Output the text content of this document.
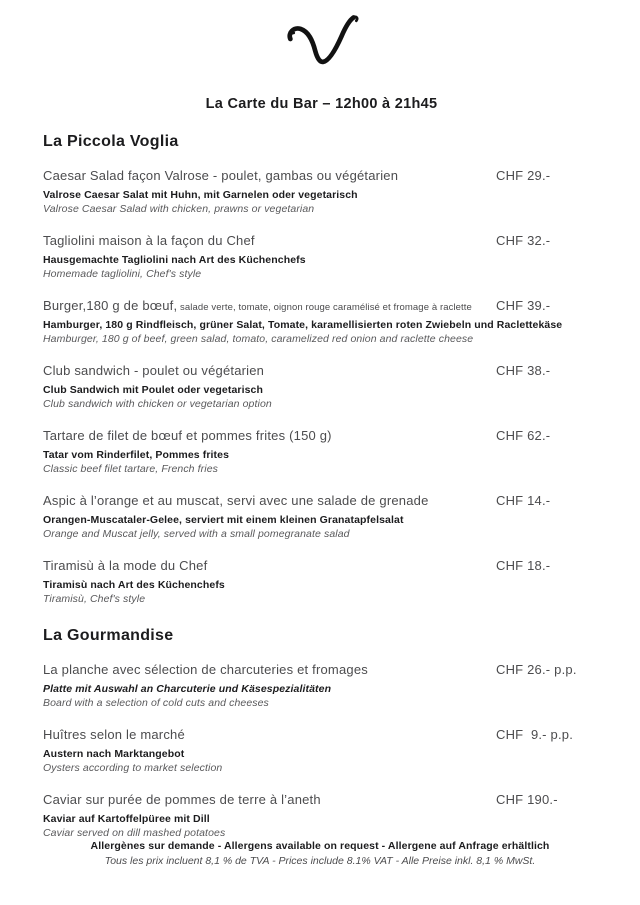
La Carte du Bar – 12h00 à 21h45
La Piccola Voglia
Caesar Salad façon Valrose - poulet, gambas ou végétarien	CHF 29.-
Valrose Caesar Salat mit Huhn, mit Garnelen oder vegetarisch
Valrose Caesar Salad with chicken, prawns or vegetarian
Tagliolini maison à la façon du Chef	CHF 32.-
Hausgemachte Tagliolini nach Art des Küchenchefs
Homemade tagliolini, Chef's style
Burger,180 g de bœuf, salade verte, tomate, oignon rouge caramélisé et fromage à raclette	CHF 39.-
Hamburger, 180 g Rindfleisch, grüner Salat, Tomate, karamellisierten roten Zwiebeln und Raclettekäse
Hamburger, 180 g of beef, green salad, tomato, caramelized red onion and raclette cheese
Club sandwich - poulet ou végétarien	CHF 38.-
Club Sandwich mit Poulet oder vegetarisch
Club sandwich with chicken or vegetarian option
Tartare de filet de bœuf et pommes frites (150 g)	CHF 62.-
Tatar vom Rinderfilet, Pommes frites
Classic beef filet tartare, French fries
Aspic à l’orange et au muscat, servi avec une salade de grenade	CHF 14.-
Orangen-Muscataler-Gelee, serviert mit einem kleinen Granatapfelsalat
Orange and Muscat jelly, served with a small pomegranate salad
Tiramisù à la mode du Chef	CHF 18.-
Tiramisù nach Art des Küchenchefs
Tiramisù, Chef's style
La Gourmandise
La planche avec sélection de charcuteries et fromages	CHF 26.- p.p.
Platte mit Auswahl an Charcuterie und Käsespezialitäten
Board with a selection of cold cuts and cheeses
Huîtres selon le marché	CHF  9.- p.p.
Austern nach Marktangebot
Oysters according to market selection
Caviar sur purée de pommes de terre à l’aneth	CHF 190.-
Kaviar auf Kartoffelpüree mit Dill
Caviar served on dill mashed potatoes
Allergènes sur demande - Allergens available on request - Allergene auf Anfrage erhältlich
Tous les prix incluent 8,1 % de TVA - Prices include 8.1% VAT - Alle Preise inkl. 8,1 % MwSt.
